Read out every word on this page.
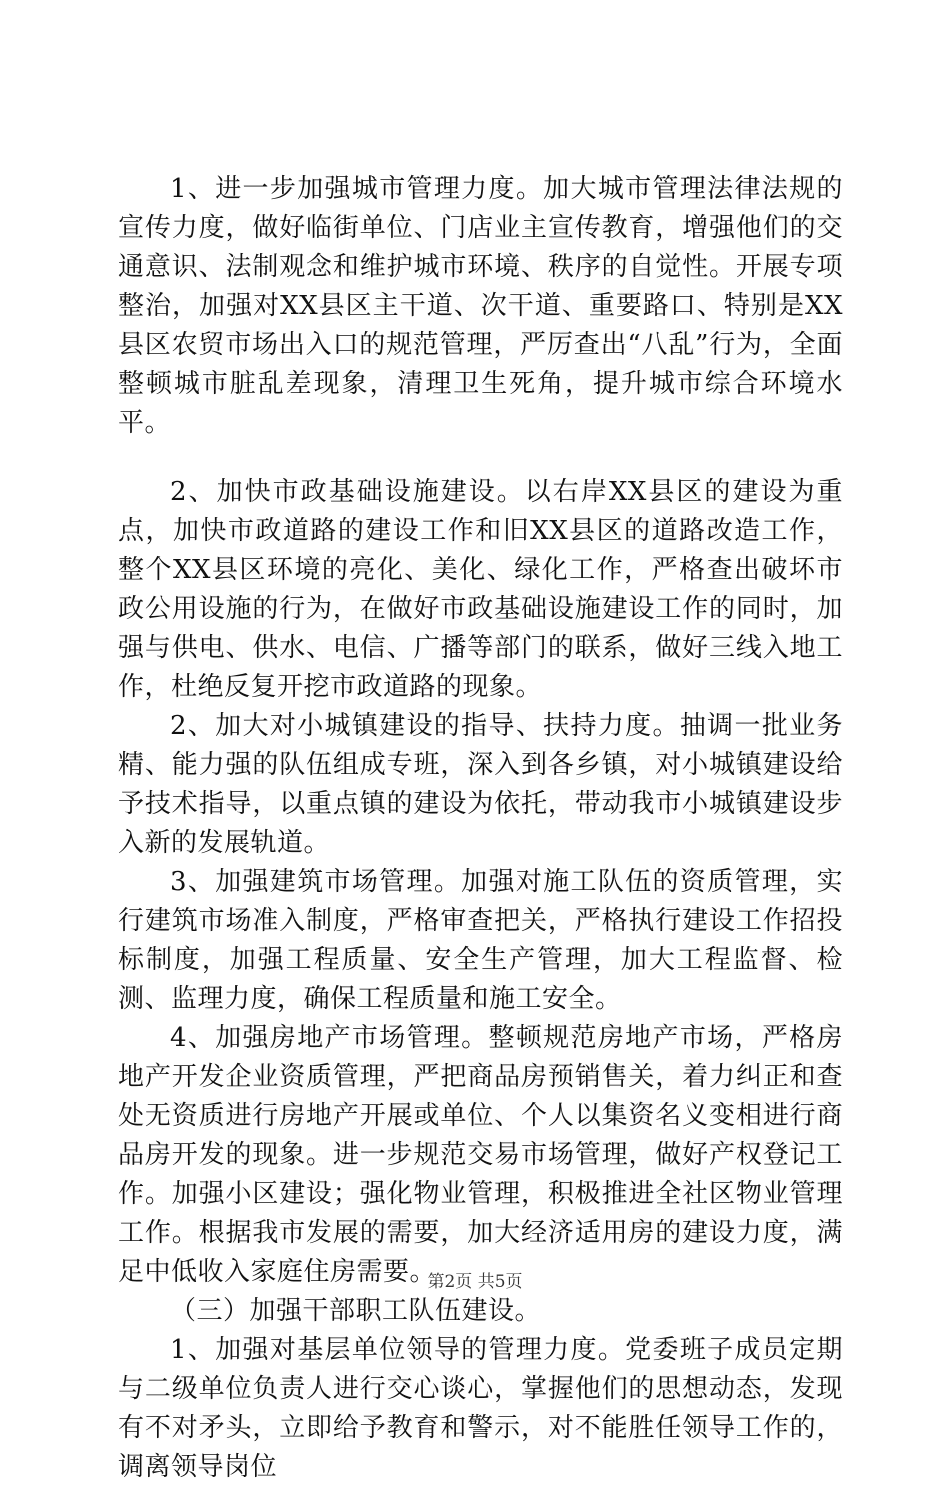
1、进一步加强城市管理力度。加大城市管理法律法规的宣传力度，做好临街单位、门店业主宣传教育，增强他们的交通意识、法制观念和维护城市环境、秩序的自觉性。开展专项整治，加强对XX县区主干道、次干道、重要路口、特别是XX县区农贸市场出入口的规范管理，严厉查出“八乱”行为，全面整顿城市脏乱差现象，清理卫生死角，提升城市综合环境水平。

2、加快市政基础设施建设。以右岸XX县区的建设为重点，加快市政道路的建设工作和旧XX县区的道路改造工作，整个XX县区环境的亮化、美化、绿化工作，严格查出破坏市政公用设施的行为，在做好市政基础设施建设工作的同时，加强与供电、供水、电信、广播等部门的联系，做好三线入地工作，杜绝反复开挖市政道路的现象。

2、加大对小城镇建设的指导、扶持力度。抽调一批业务精、能力强的队伍组成专班，深入到各乡镇，对小城镇建设给予技术指导，以重点镇的建设为依托，带动我市小城镇建设步入新的发展轨道。

3、加强建筑市场管理。加强对施工队伍的资质管理，实行建筑市场准入制度，严格审查把关，严格执行建设工作招投标制度，加强工程质量、安全生产管理，加大工程监督、检测、监理力度，确保工程质量和施工安全。

4、加强房地产市场管理。整顿规范房地产市场，严格房地产开发企业资质管理，严把商品房预销售关，着力纠正和查处无资质进行房地产开展或单位、个人以集资名义变相进行商品房开发的现象。进一步规范交易市场管理，做好产权登记工作。加强小区建设；强化物业管理，积极推进全社区物业管理工作。根据我市发展的需要，加大经济适用房的建设力度，满足中低收入家庭住房需要。

（三）加强干部职工队伍建设。

1、加强对基层单位领导的管理力度。党委班子成员定期与二级单位负责人进行交心谈心，掌握他们的思想动态，发现有不对矛头，立即给予教育和警示，对不能胜任领导工作的，调离领导岗位

第2页 共5页
